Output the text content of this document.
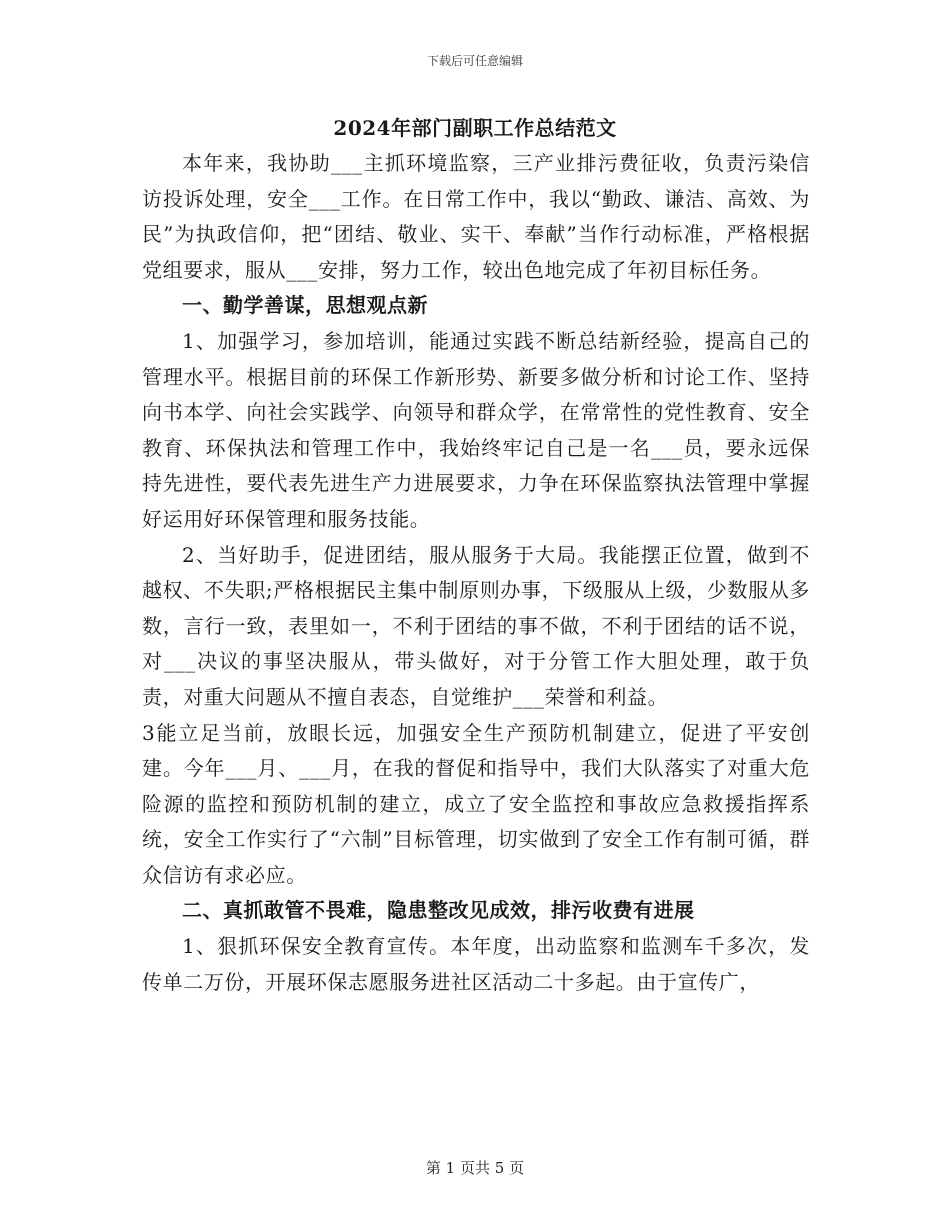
下载后可任意编辑
2024年部门副职工作总结范文

本年来，我协助___主抓环境监察，三产业排污费征收，负责污染信访投诉处理，安全___工作。在日常工作中，我以“勤政、谦洁、高效、为民”为执政信仰，把“团结、敬业、实干、奉献”当作行动标准，严格根据党组要求，服从___安排，努力工作，较出色地完成了年初目标任务。

一、勤学善谋，思想观点新

1、加强学习，参加培训，能通过实践不断总结新经验，提高自己的管理水平。根据目前的环保工作新形势、新要多做分析和讨论工作、坚持向书本学、向社会实践学、向领导和群众学，在常常性的党性教育、安全教育、环保执法和管理工作中，我始终牢记自己是一名___员，要永远保持先进性，要代表先进生产力进展要求，力争在环保监察执法管理中掌握好运用好环保管理和服务技能。

2、当好助手，促进团结，服从服务于大局。我能摆正位置，做到不越权、不失职;严格根据民主集中制原则办事，下级服从上级，少数服从多数，言行一致，表里如一，不利于团结的事不做，不利于团结的话不说，对___决议的事坚决服从，带头做好，对于分管工作大胆处理，敢于负责，对重大问题从不擅自表态，自觉维护___荣誉和利益。

3能立足当前，放眼长远，加强安全生产预防机制建立，促进了平安创建。今年___月、___月，在我的督促和指导中，我们大队落实了对重大危险源的监控和预防机制的建立，成立了安全监控和事故应急救援指挥系统，安全工作实行了“六制”目标管理，切实做到了安全工作有制可循，群众信访有求必应。

二、真抓敢管不畏难，隐患整改见成效，排污收费有进展

1、狠抓环保安全教育宣传。本年度，出动监察和监测车千多次，发传单二万份，开展环保志愿服务进社区活动二十多起。由于宣传广，

第 1 页共 5 页
